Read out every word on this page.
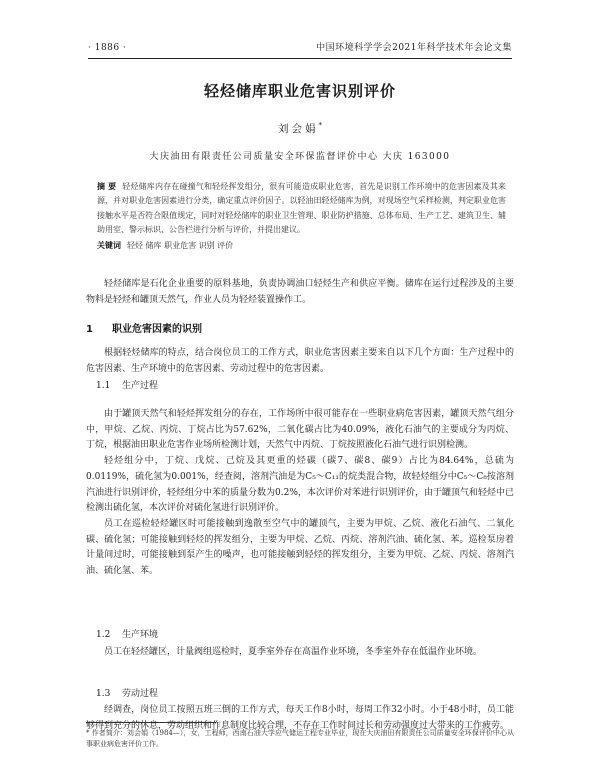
· 1886 ·	中国环境科学学会2021年科学技术年会论文集
轻烃储库职业危害识别评价
刘会娟*
大庆油田有限责任公司质量安全环保监督评价中心 大庆 163000
摘 要 轻烃储库内存在碰撞气和轻烃挥发组分，很有可能造成职业危害，首先是识别工作环境中的危害因素及其来源，并对职业危害因素进行分类，确定重点评价因子。以轻油田轻烃储库为例，对现场空气采样检测，判定职业危害接触水平是否符合限值规定，同时对轻烃储库的职业卫生管理、职业防护措施、总体布局、生产工艺、建筑卫生、辅助用室、警示标识、公告栏进行分析与评价，并提出建议。
关键词 轻烃 储库 职业危害 识别 评价

轻烃储库是石化企业重要的原料基地，负责协调油口轻烃生产和供应平衡。储库在运行过程涉及的主要物料是轻烃和罐顶天然气，作业人员为轻烃装置操作工。

1 职业危害因素的识别

根据轻烃储库的特点，结合岗位员工的工作方式，职业危害因素主要来自以下几个方面：生产过程中的危害因素、生产环境中的危害因素、劳动过程中的危害因素。

1.1 生产过程

由于罐顶天然气和轻烃挥发组分的存在，工作场所中很可能存在一些职业病危害因素，罐顶天然气组分中，甲烷、乙烷、丙烷、丁烷占比为57.62%，二氧化碳占比为40.09%，液化石油气的主要成分为丙烷、丁烷，根据油田职业危害作业场所检测计划，天然气中丙烷、丁烷按照液化石油气进行识别检测。

轻烃组分中，丁烷、戊烷、己烷及其更重的烃碳（碳7、碳8、碳9）占比为84.64%，总硫为0.0119%，硫化氢为0.001%，经查阅，溶剂汽油是为C₅～C₁₁的烷类混合物，故轻烃组分中C₅～C₈按溶剂汽油进行识别评价，轻烃组分中苯的质量分数为0.2%，本次评价对苯进行识别评价，由于罐顶气和轻烃中已检测出硫化氢，本次评价对硫化氢进行识别评价。

员工在巡检轻烃罐区时可能接触到逸散至空气中的罐顶气，主要为甲烷、乙烷、液化石油气、二氧化碳、硫化氢；可能接触到轻烃的挥发组分，主要为甲烷、乙烷、丙烷、溶剂汽油、硫化氢、苯。巡检泵房着计量间过时，可能接触到泵产生的噪声，也可能接触到轻烃的挥发组分，主要为甲烷、乙烷、丙烷、溶剂汽油、硫化氢、苯。

1.2 生产环境

员工在轻烃罐区，计量阀组巡检时，夏季室外存在高温作业环境，冬季室外存在低温作业环境。

1.3 劳动过程

经调查，岗位员工按照五班三倒的工作方式，每天工作8小时，每周工作32小时。小于48小时，员工能够得到充分的休息，劳动组织和作息制度比较合理，不存在工作时间过长和劳动强度过大带来的工作疲劳。

* 作者简介：刘会娟（1984—），女，工程师，西南石油大学应气储运工程专业毕业，现在大庆油田有限责任公司质量安全环保评价中心从事职业病危害评价工作。
